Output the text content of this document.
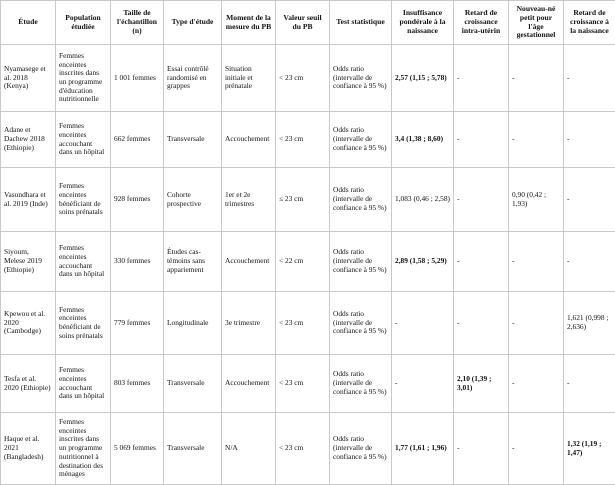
Étude	Population étudiée	Taille de l'échantillon (n)	Type d'étude	Moment de la mesure du PB	Valeur seuil du PB	Test statistique	Insuffisance pondérale à la naissance	Retard de croissance intra-utérin	Nouveau-né petit pour l'âge gestationnel	Retard de croissance à la naissance
Nyamasege et al. 2018 (Kenya)	Femmes enceintes inscrites dans un programme d'éducation nutritionnelle	1 001 femmes	Essai contrôlé randomisé en grappes	Situation initiale et prénatale	< 23 cm	Odds ratio (intervalle de confiance à 95 %)	2,57 (1,15 ; 5,78)	-	-	-
Adane et Dachew 2018 (Ethiopie)	Femmes enceintes accouchant dans un hôpital	662 femmes	Transversale	Accouchement	< 23 cm	Odds ratio (intervalle de confiance à 95 %)	3,4 (1,38 ; 8,60)	-	-	-
Vasundhara et al. 2019 (Inde)	Femmes enceintes bénéficiant de soins prénatals	928 femmes	Cohorte prospective	1er et 2e trimestres	≤ 23 cm	Odds ratio (intervalle de confiance à 95 %)	1,083 (0,46 ; 2,58)	-	0,90 (0,42 ; 1,93)	-
Siyoum, Melese 2019 (Ethiopie)	Femmes enceintes accouchant dans un hôpital	330 femmes	Études cas-témoins sans appariement	Accouchement	< 22 cm	Odds ratio (intervalle de confiance à 95 %)	2,89 (1,58 ; 5,29)	-	-	-
Kpewou et al. 2020 (Cambodge)	Femmes enceintes bénéficiant de soins prénatals	779 femmes	Longitudinale	3e trimestre	< 23 cm	Odds ratio (intervalle de confiance à 95 %)	-	-	-	1,621 (0,998 ; 2,636)
Tesfa et al. 2020 (Ethiopie)	Femmes enceintes accouchant dans un hôpital	803 femmes	Transversale	Accouchement	< 23 cm	Odds ratio (intervalle de confiance à 95 %)	-	2,10 (1,39 ; 3,01)	-	-
Haque et al. 2021 (Bangladesh)	Femmes enceintes inscrites dans un programme nutritionnel à destination des ménages	5 069 femmes	Transversale	N/A	< 23 cm	Odds ratio (intervalle de confiance à 95 %)	1,77 (1,61 ; 1,96)	-	-	1,32 (1,19 ; 1,47)
